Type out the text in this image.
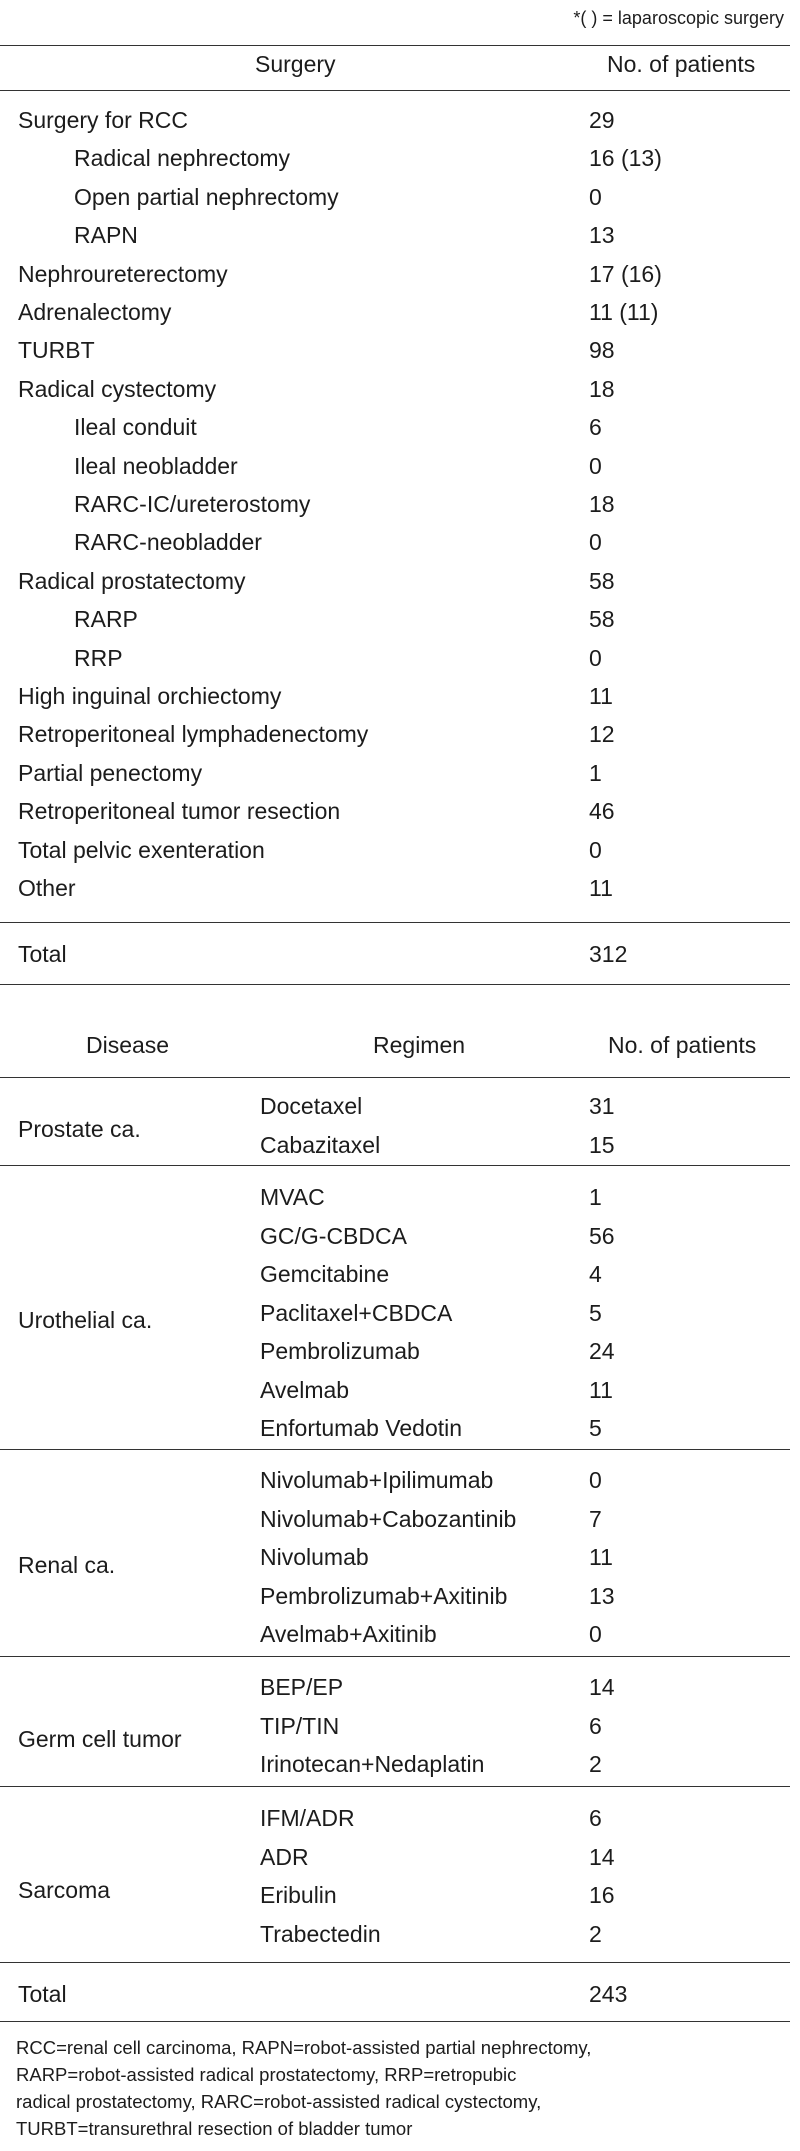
*( ) = laparoscopic surgery
Surgery	No. of patients
Surgery for RCC	29
Radical nephrectomy	16 (13)
Open partial nephrectomy	0
RAPN	13
Nephroureterectomy	17 (16)
Adrenalectomy	11 (11)
TURBT	98
Radical cystectomy	18
Ileal conduit	6
Ileal neobladder	0
RARC-IC/ureterostomy	18
RARC-neobladder	0
Radical prostatectomy	58
RARP	58
RRP	0
High inguinal orchiectomy	11
Retroperitoneal lymphadenectomy	12
Partial penectomy	1
Retroperitoneal tumor resection	46
Total pelvic exenteration	0
Other	11
Total	312
Disease	Regimen	No. of patients
Prostate ca.
Docetaxel	31
Cabazitaxel	15
Urothelial ca.
MVAC	1
GC/G-CBDCA	56
Gemcitabine	4
Paclitaxel+CBDCA	5
Pembrolizumab	24
Avelmab	11
Enfortumab Vedotin	5
Renal ca.
Nivolumab+Ipilimumab	0
Nivolumab+Cabozantinib	7
Nivolumab	11
Pembrolizumab+Axitinib	13
Avelmab+Axitinib	0
Germ cell tumor
BEP/EP	14
TIP/TIN	6
Irinotecan+Nedaplatin	2
Sarcoma
IFM/ADR	6
ADR	14
Eribulin	16
Trabectedin	2
Total	243
RCC=renal cell carcinoma, RAPN=robot-assisted partial nephrectomy,
RARP=robot-assisted radical prostatectomy, RRP=retropubic
radical prostatectomy, RARC=robot-assisted radical cystectomy,
TURBT=transurethral resection of bladder tumor
